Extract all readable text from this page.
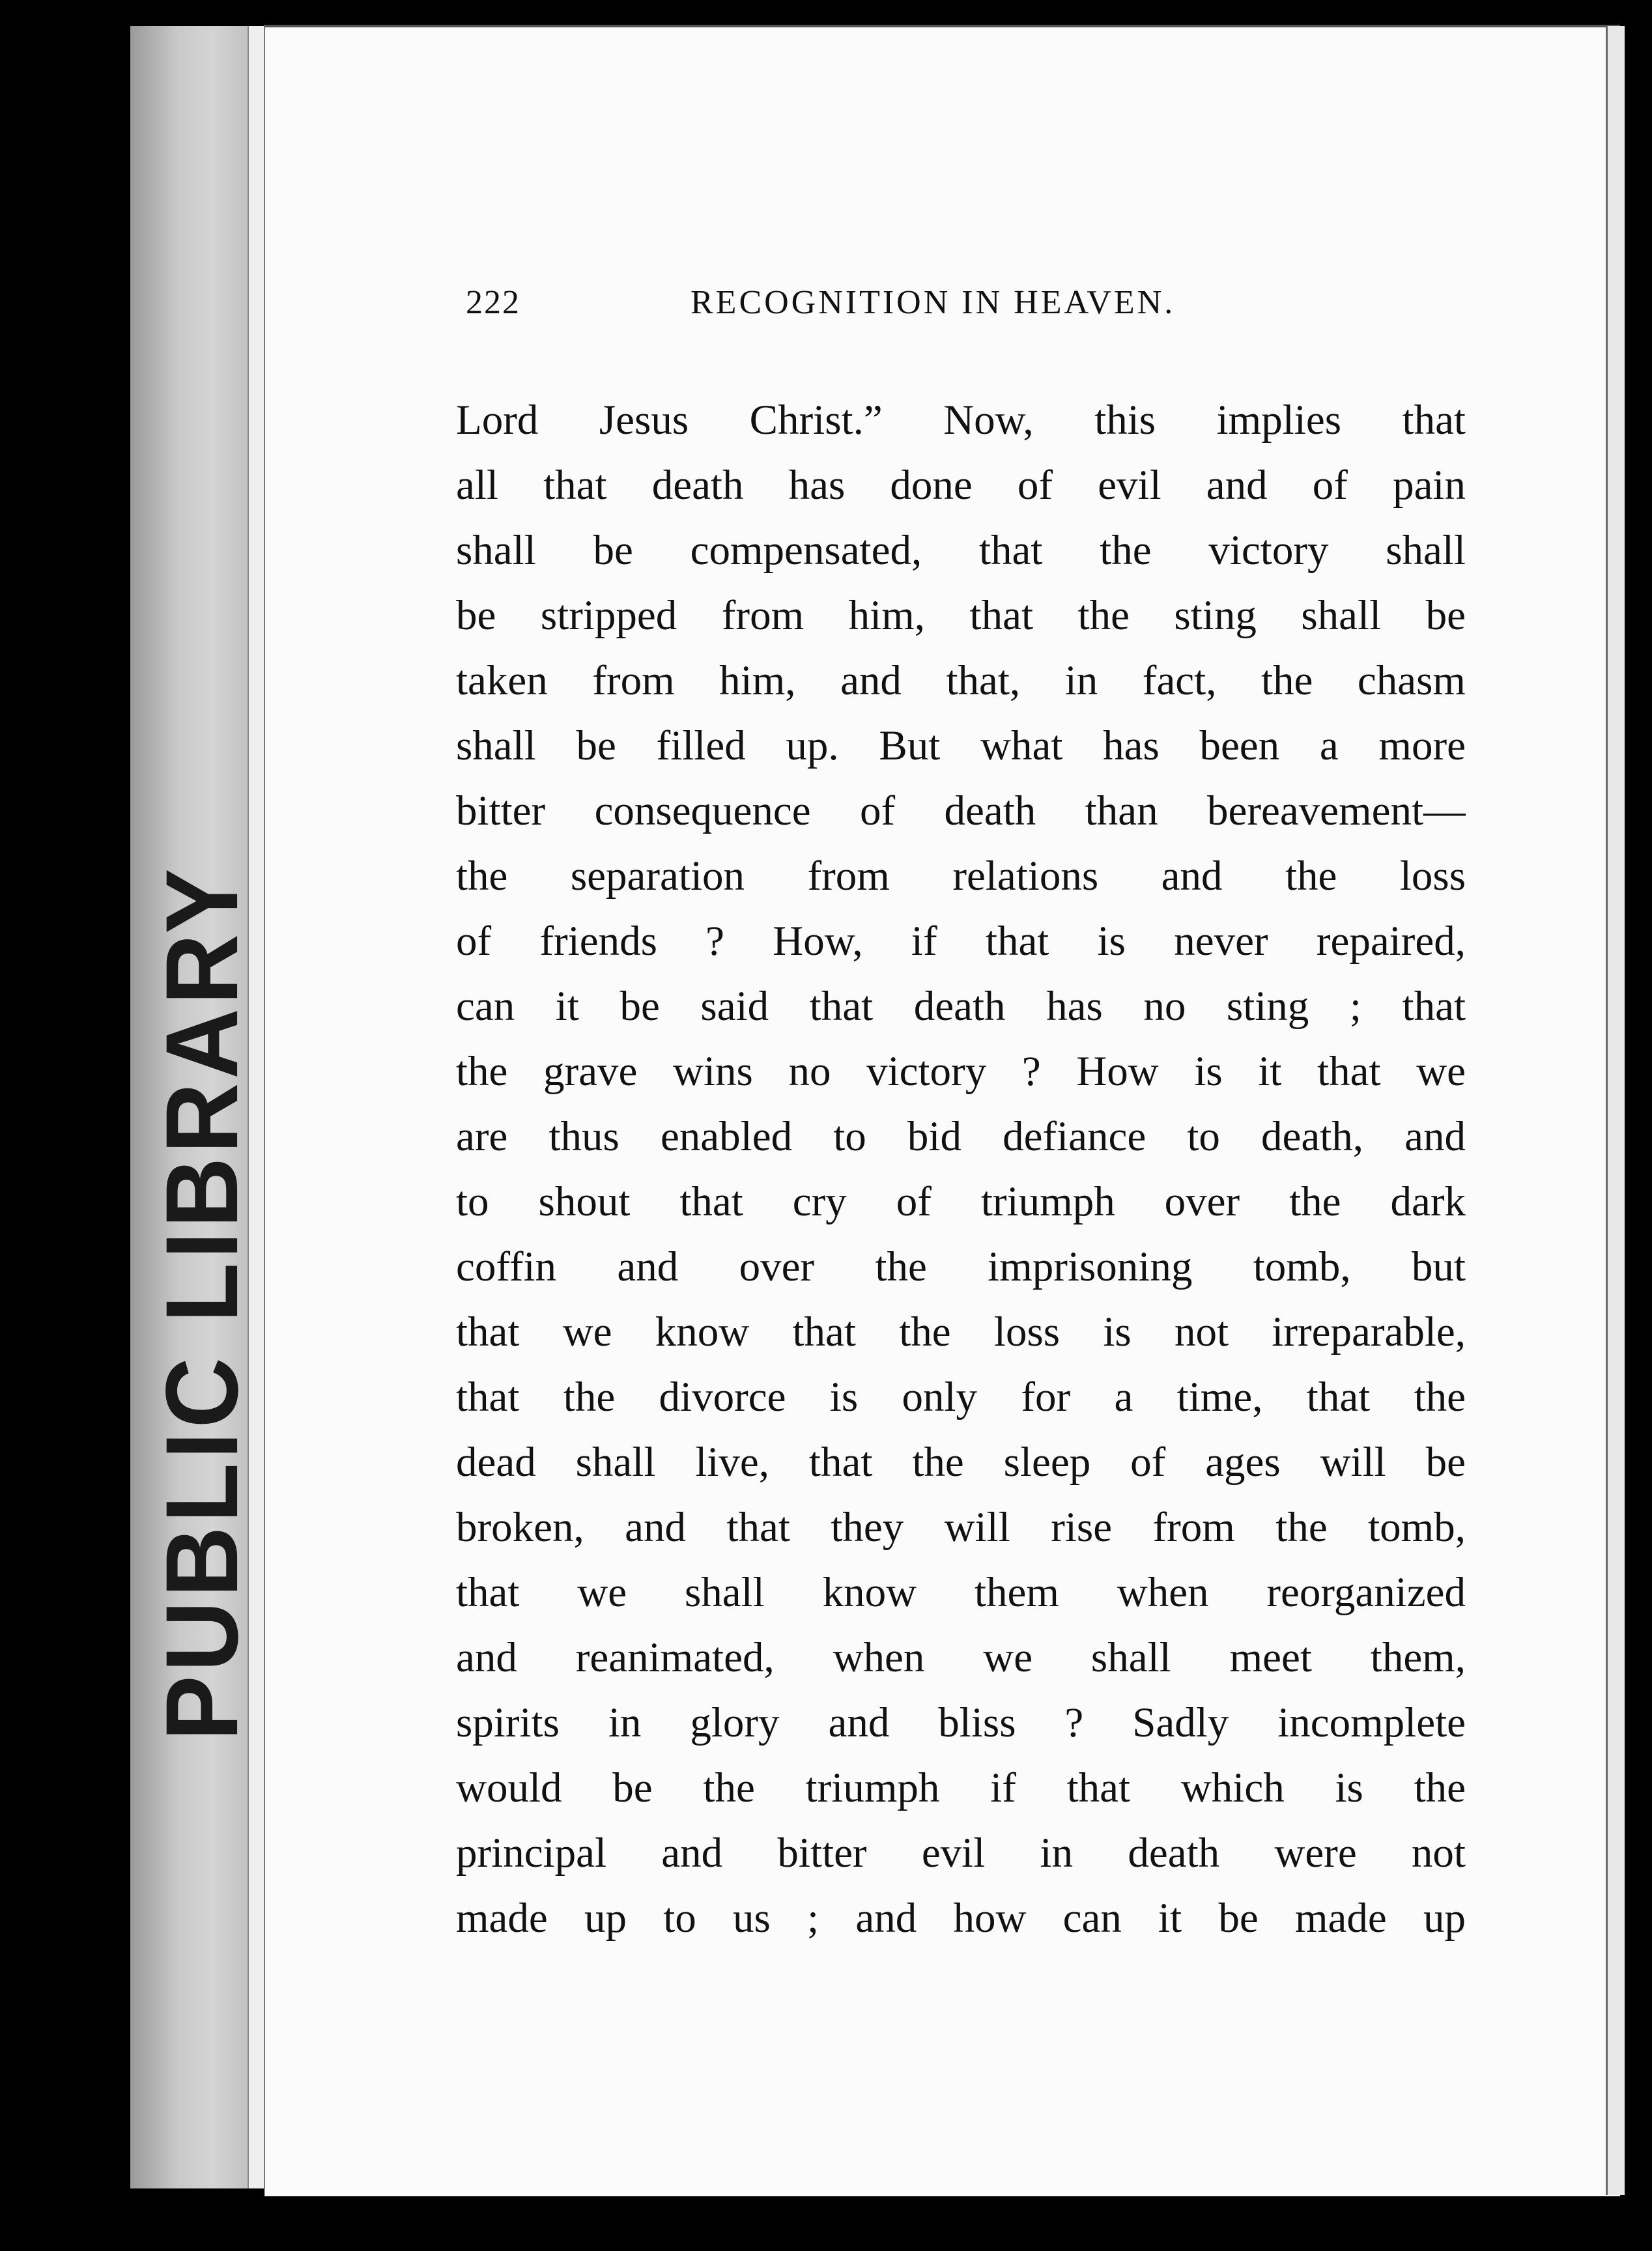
PUBLIC LIBRARY
222	RECOGNITION IN HEAVEN.
Lord Jesus Christ.” Now, this implies that
all that death has done of evil and of pain
shall be compensated, that the victory shall
be stripped from him, that the sting shall be
taken from him, and that, in fact, the chasm
shall be filled up. But what has been a more
bitter consequence of death than bereavement—
the separation from relations and the loss
of friends ? How, if that is never repaired,
can it be said that death has no sting ; that
the grave wins no victory ? How is it that we
are thus enabled to bid defiance to death, and
to shout that cry of triumph over the dark
coffin and over the imprisoning tomb, but
that we know that the loss is not irreparable,
that the divorce is only for a time, that the
dead shall live, that the sleep of ages will be
broken, and that they will rise from the tomb,
that we shall know them when reorganized
and reanimated, when we shall meet them,
spirits in glory and bliss ? Sadly incomplete
would be the triumph if that which is the
principal and bitter evil in death were not
made up to us ; and how can it be made up
